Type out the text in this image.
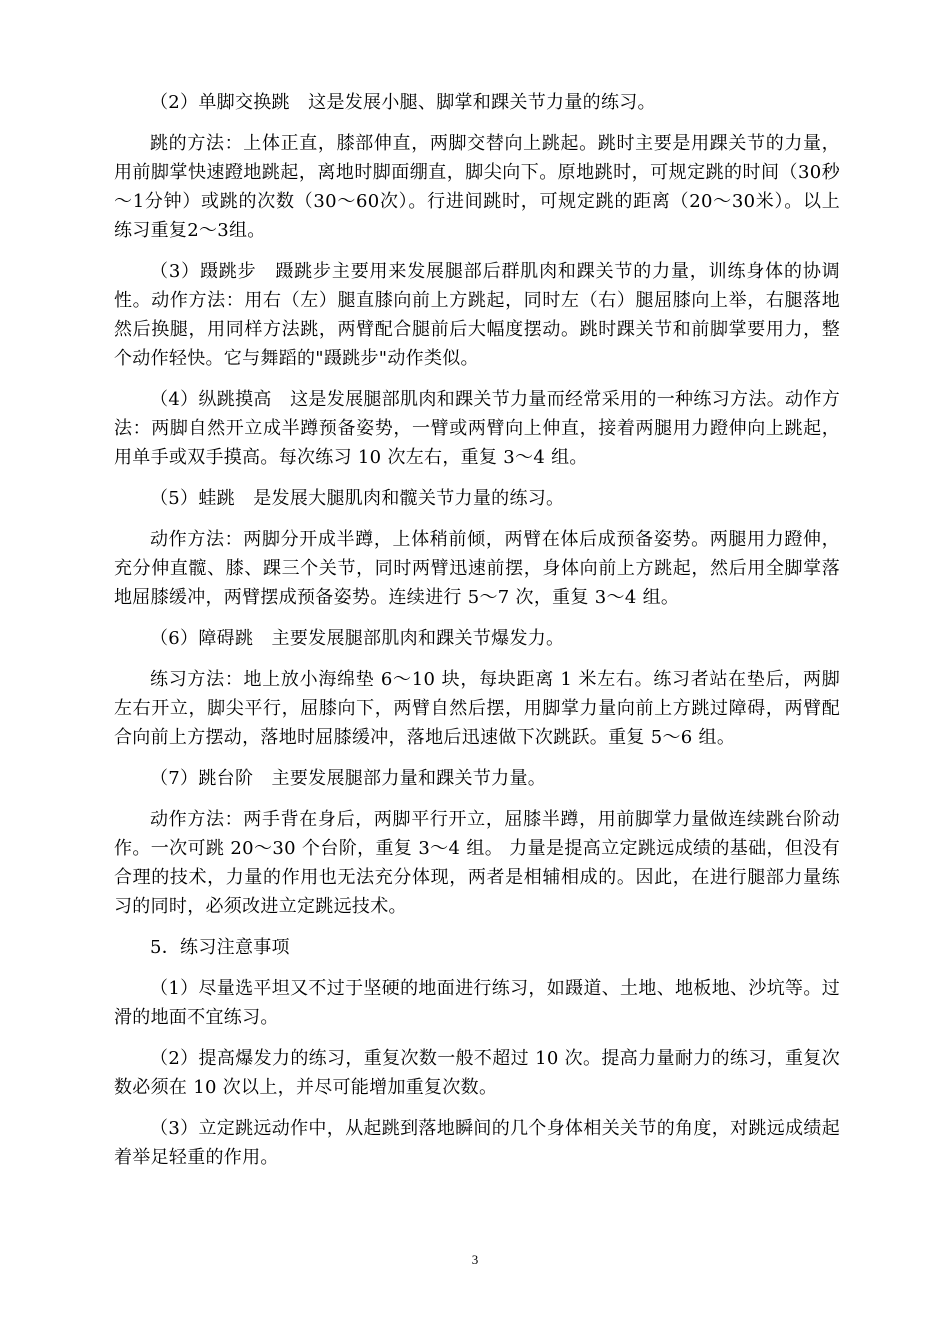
（2）单脚交换跳　这是发展小腿、脚掌和踝关节力量的练习。

跳的方法：上体正直，膝部伸直，两脚交替向上跳起。跳时主要是用踝关节的力量，用前脚掌快速蹬地跳起，离地时脚面绷直，脚尖向下。原地跳时，可规定跳的时间（30秒～1分钟）或跳的次数（30～60次）。行进间跳时，可规定跳的距离（20～30米）。以上练习重复2～3组。

（3）蹑跳步　蹑跳步主要用来发展腿部后群肌肉和踝关节的力量，训练身体的协调性。动作方法：用右（左）腿直膝向前上方跳起，同时左（右）腿屈膝向上举，右腿落地然后换腿，用同样方法跳，两臂配合腿前后大幅度摆动。跳时踝关节和前脚掌要用力，整个动作轻快。它与舞蹈的"蹑跳步"动作类似。

（4）纵跳摸高　这是发展腿部肌肉和踝关节力量而经常采用的一种练习方法。动作方法：两脚自然开立成半蹲预备姿势，一臂或两臂向上伸直，接着两腿用力蹬伸向上跳起，用单手或双手摸高。每次练习 10 次左右，重复 3～4 组。

（5）蛙跳　是发展大腿肌肉和髋关节力量的练习。

动作方法：两脚分开成半蹲，上体稍前倾，两臂在体后成预备姿势。两腿用力蹬伸，充分伸直髋、膝、踝三个关节，同时两臂迅速前摆，身体向前上方跳起，然后用全脚掌落地屈膝缓冲，两臂摆成预备姿势。连续进行 5～7 次，重复 3～4 组。

（6）障碍跳　主要发展腿部肌肉和踝关节爆发力。

练习方法：地上放小海绵垫 6～10 块，每块距离 1 米左右。练习者站在垫后，两脚左右开立，脚尖平行，屈膝向下，两臂自然后摆，用脚掌力量向前上方跳过障碍，两臂配合向前上方摆动，落地时屈膝缓冲，落地后迅速做下次跳跃。重复 5～6 组。

（7）跳台阶　主要发展腿部力量和踝关节力量。

动作方法：两手背在身后，两脚平行开立，屈膝半蹲，用前脚掌力量做连续跳台阶动作。一次可跳 20～30 个台阶，重复 3～4 组。 力量是提高立定跳远成绩的基础，但没有合理的技术，力量的作用也无法充分体现，两者是相辅相成的。因此，在进行腿部力量练习的同时，必须改进立定跳远技术。

5．练习注意事项

（1）尽量选平坦又不过于坚硬的地面进行练习，如蹑道、土地、地板地、沙坑等。过滑的地面不宜练习。

（2）提高爆发力的练习，重复次数一般不超过 10 次。提高力量耐力的练习，重复次数必须在 10 次以上，并尽可能增加重复次数。

（3）立定跳远动作中，从起跳到落地瞬间的几个身体相关关节的角度，对跳远成绩起着举足轻重的作用。

3
